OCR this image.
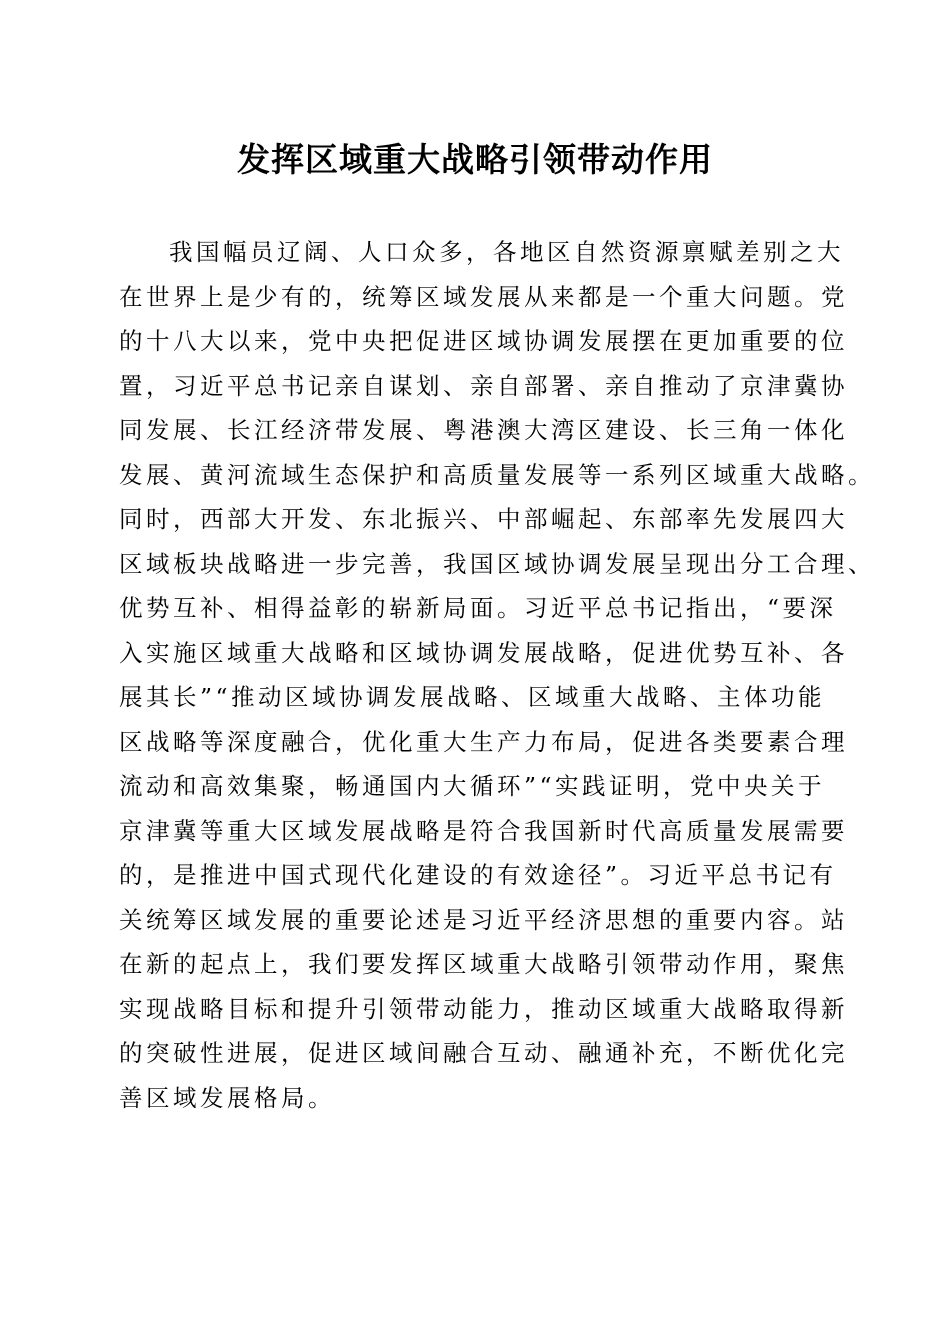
发挥区域重大战略引领带动作用
我国幅员辽阔、人口众多，各地区自然资源禀赋差别之大
在世界上是少有的，统筹区域发展从来都是一个重大问题。党
的十八大以来，党中央把促进区域协调发展摆在更加重要的位
置，习近平总书记亲自谋划、亲自部署、亲自推动了京津冀协
同发展、长江经济带发展、粤港澳大湾区建设、长三角一体化
发展、黄河流域生态保护和高质量发展等一系列区域重大战略。
同时，西部大开发、东北振兴、中部崛起、东部率先发展四大
区域板块战略进一步完善，我国区域协调发展呈现出分工合理、
优势互补、相得益彰的崭新局面。习近平总书记指出，“要深
入实施区域重大战略和区域协调发展战略，促进优势互补、各
展其长”“推动区域协调发展战略、区域重大战略、主体功能
区战略等深度融合，优化重大生产力布局，促进各类要素合理
流动和高效集聚，畅通国内大循环”“实践证明，党中央关于
京津冀等重大区域发展战略是符合我国新时代高质量发展需要
的，是推进中国式现代化建设的有效途径”。习近平总书记有
关统筹区域发展的重要论述是习近平经济思想的重要内容。站
在新的起点上，我们要发挥区域重大战略引领带动作用，聚焦
实现战略目标和提升引领带动能力，推动区域重大战略取得新
的突破性进展，促进区域间融合互动、融通补充，不断优化完
善区域发展格局。
